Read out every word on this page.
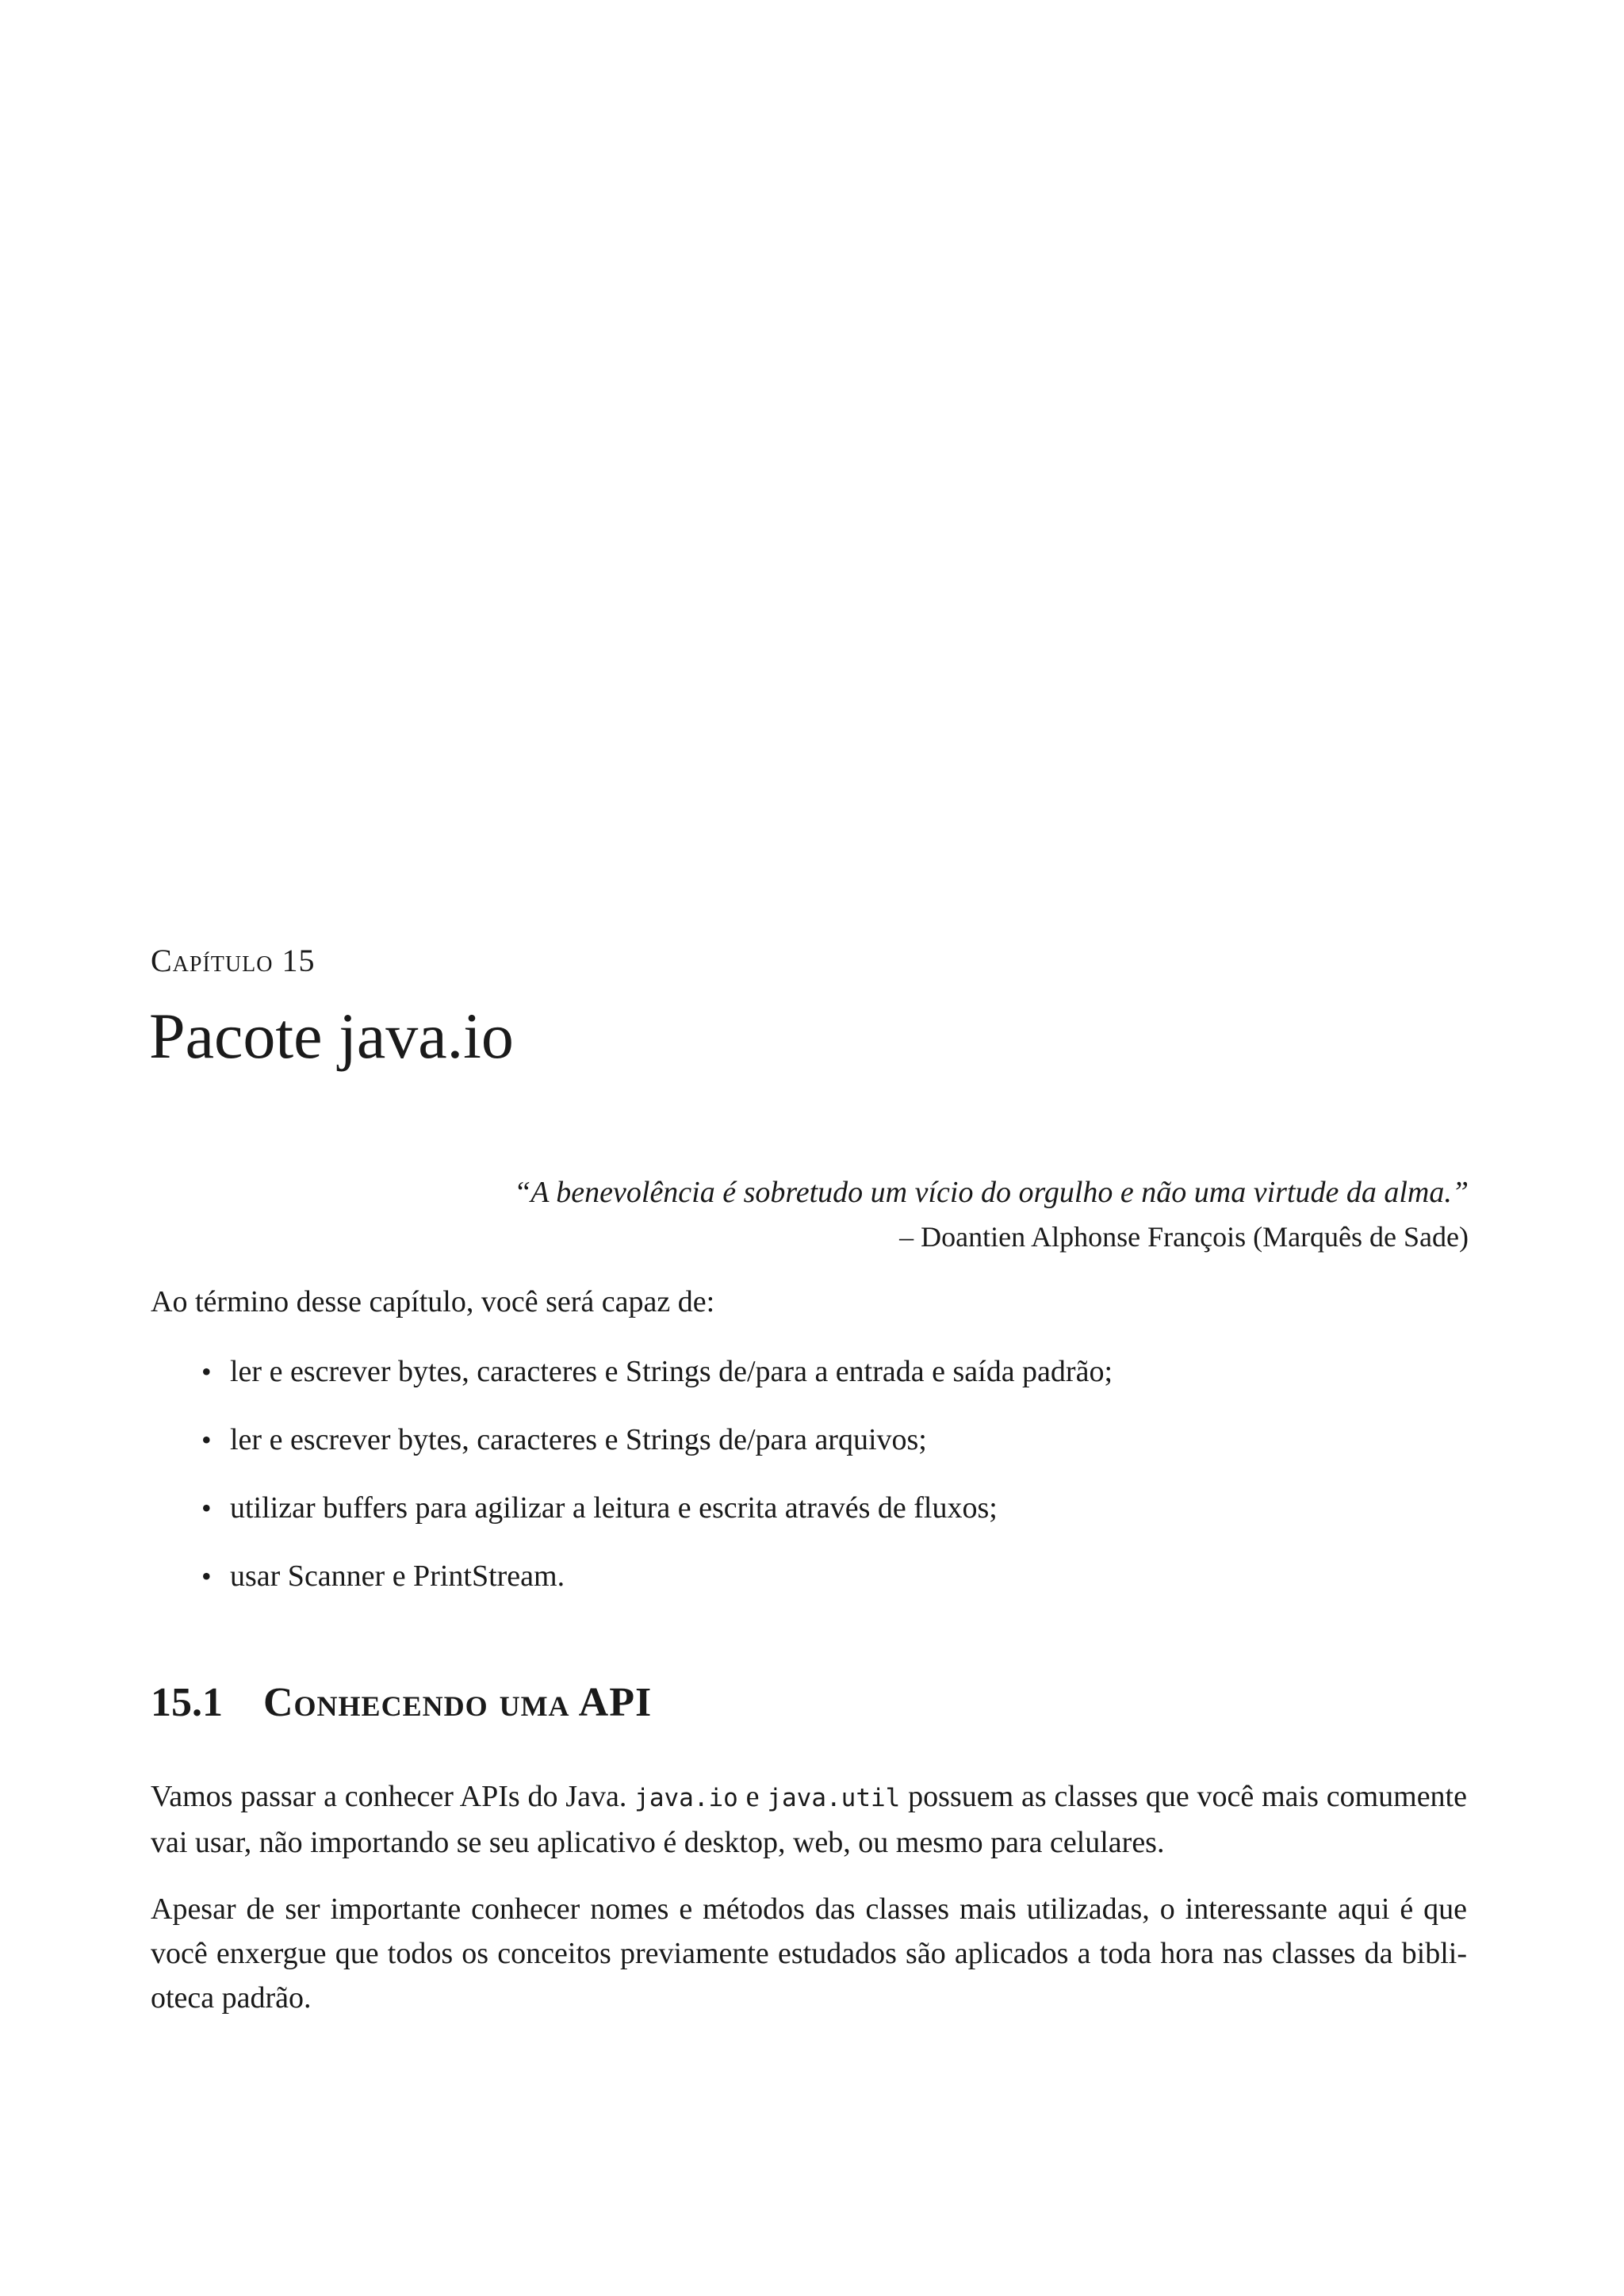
Capítulo 15
Pacote java.io
“A benevolência é sobretudo um vício do orgulho e não uma virtude da alma.”
– Doantien Alphonse François (Marquês de Sade)
Ao término desse capítulo, você será capaz de:
• ler e escrever bytes, caracteres e Strings de/para a entrada e saída padrão;
• ler e escrever bytes, caracteres e Strings de/para arquivos;
• utilizar buffers para agilizar a leitura e escrita através de fluxos;
• usar Scanner e PrintStream.
15.1 Conhecendo uma API
Vamos passar a conhecer APIs do Java. java.io e java.util possuem as classes que você mais comumente
vai usar, não importando se seu aplicativo é desktop, web, ou mesmo para celulares.
Apesar de ser importante conhecer nomes e métodos das classes mais utilizadas, o interessante aqui é que
você enxergue que todos os conceitos previamente estudados são aplicados a toda hora nas classes da bibli-
oteca padrão.
